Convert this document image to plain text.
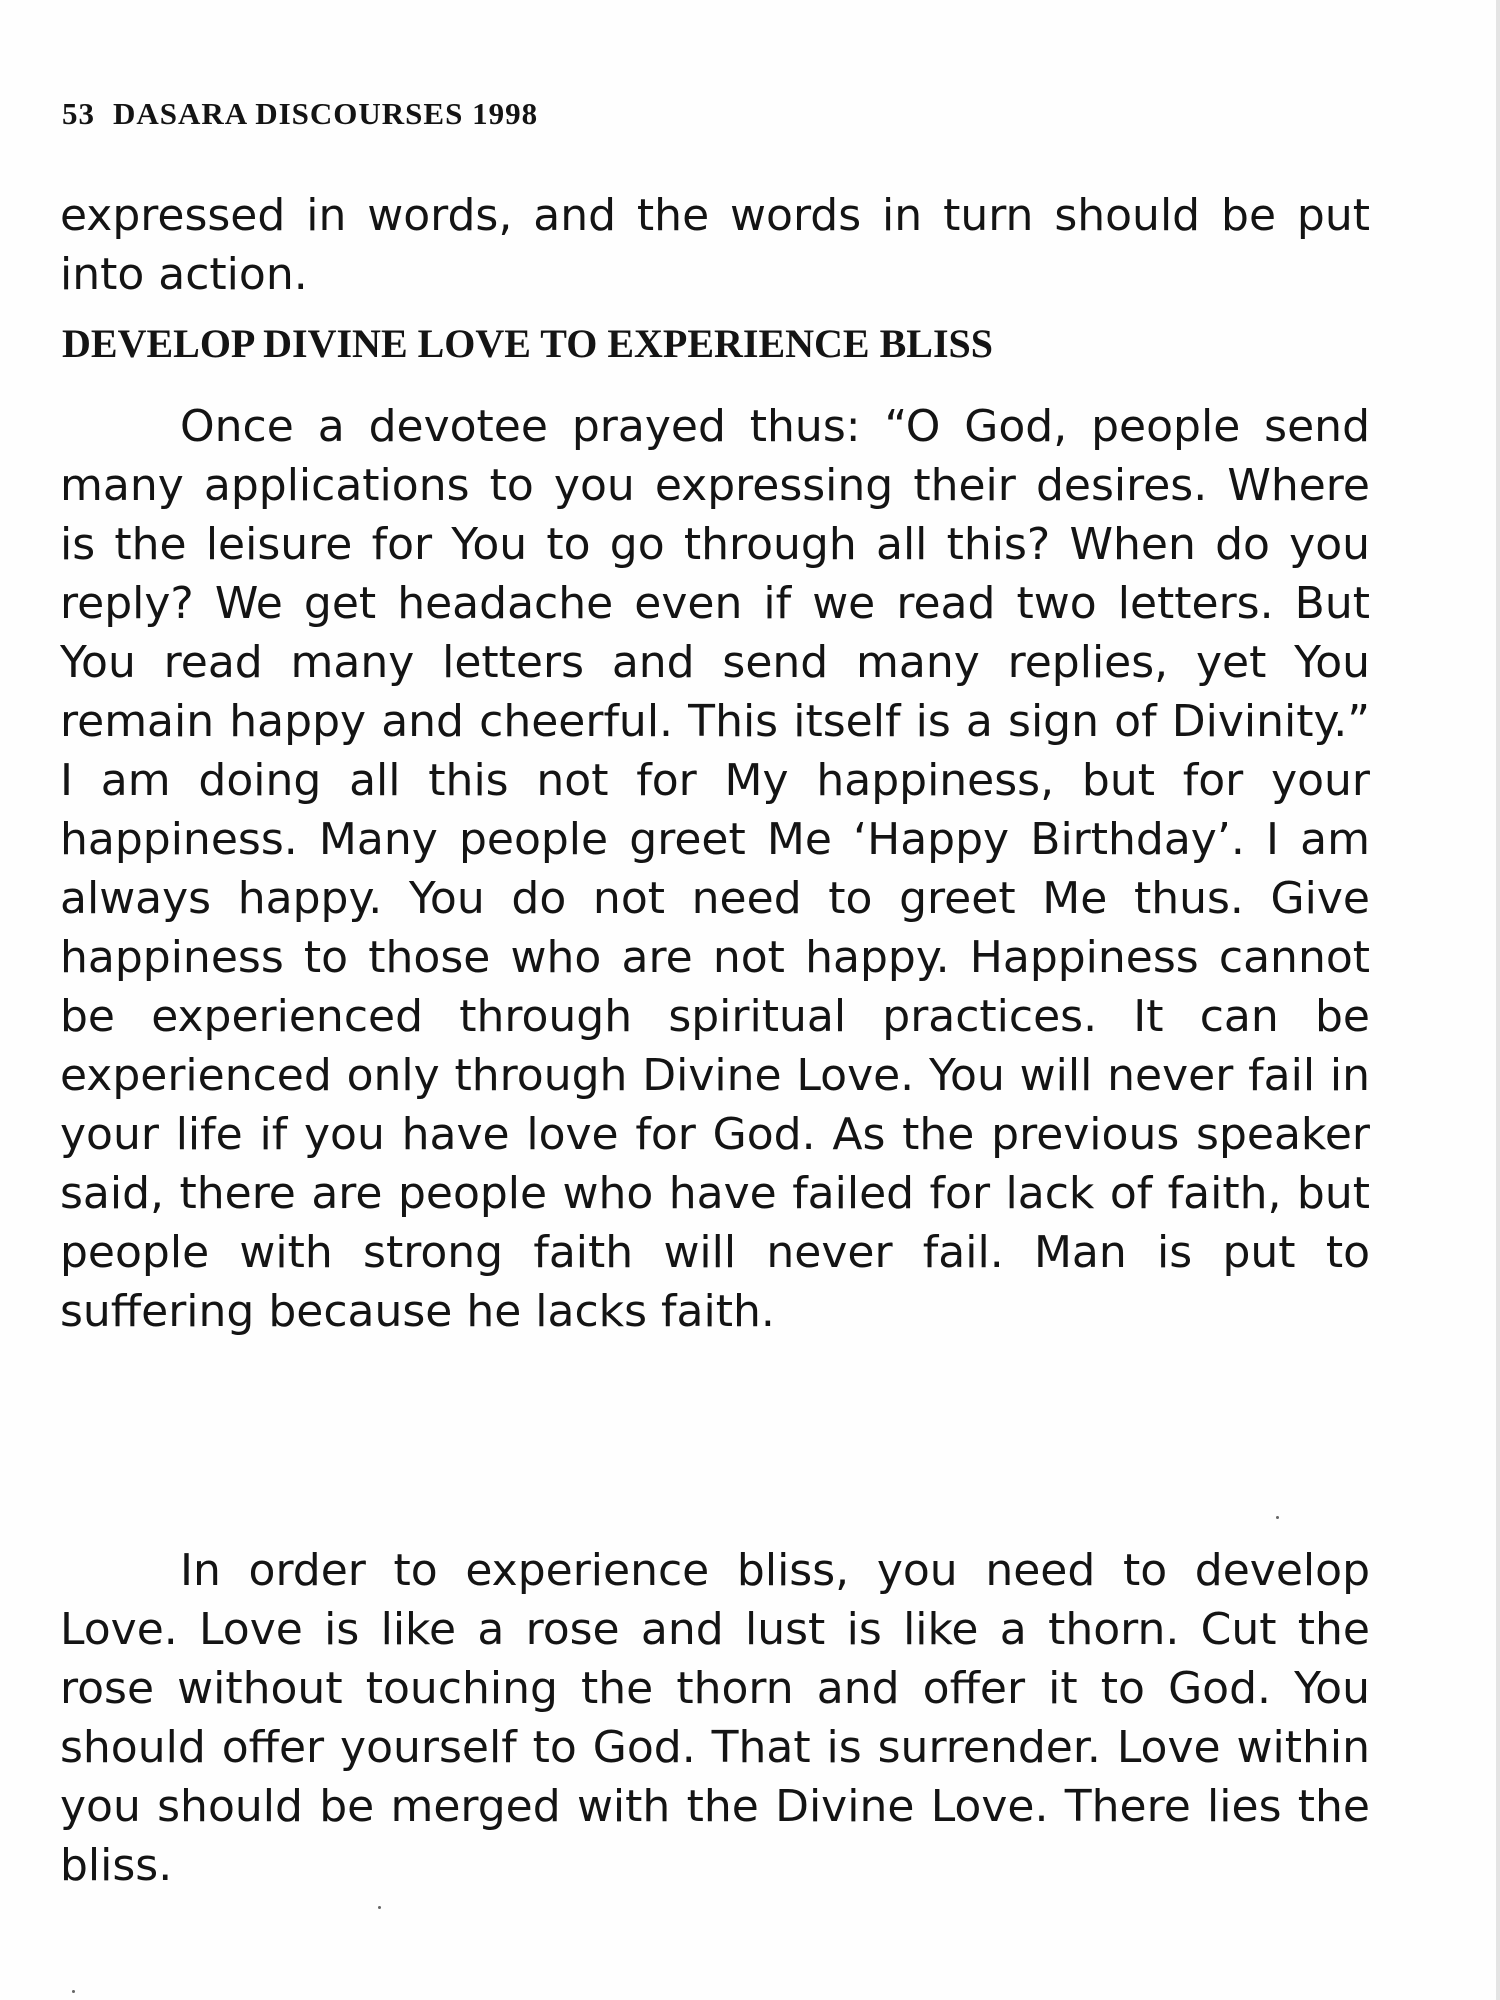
53 DASARA DISCOURSES 1998

expressed in words, and the words in turn should be put into action.

DEVELOP DIVINE LOVE TO EXPERIENCE BLISS

Once a devotee prayed thus: “O God, people send many applications to you expressing their desires. Where is the leisure for You to go through all this? When do you reply? We get headache even if we read two letters. But You read many letters and send many replies, yet You remain happy and cheerful. This itself is a sign of Divinity.” I am doing all this not for My happiness, but for your happiness. Many people greet Me ‘Happy Birthday’. I am always happy. You do not need to greet Me thus. Give happiness to those who are not happy. Happiness cannot be experienced through spiritual practices. It can be experienced only through Divine Love. You will never fail in your life if you have love for God. As the previous speaker said, there are people who have failed for lack of faith, but people with strong faith will never fail. Man is put to suffering because he lacks faith.

In order to experience bliss, you need to develop Love. Love is like a rose and lust is like a thorn. Cut the rose without touching the thorn and offer it to God. You should offer yourself to God. That is surrender. Love within you should be merged with the Divine Love. There lies the bliss.
